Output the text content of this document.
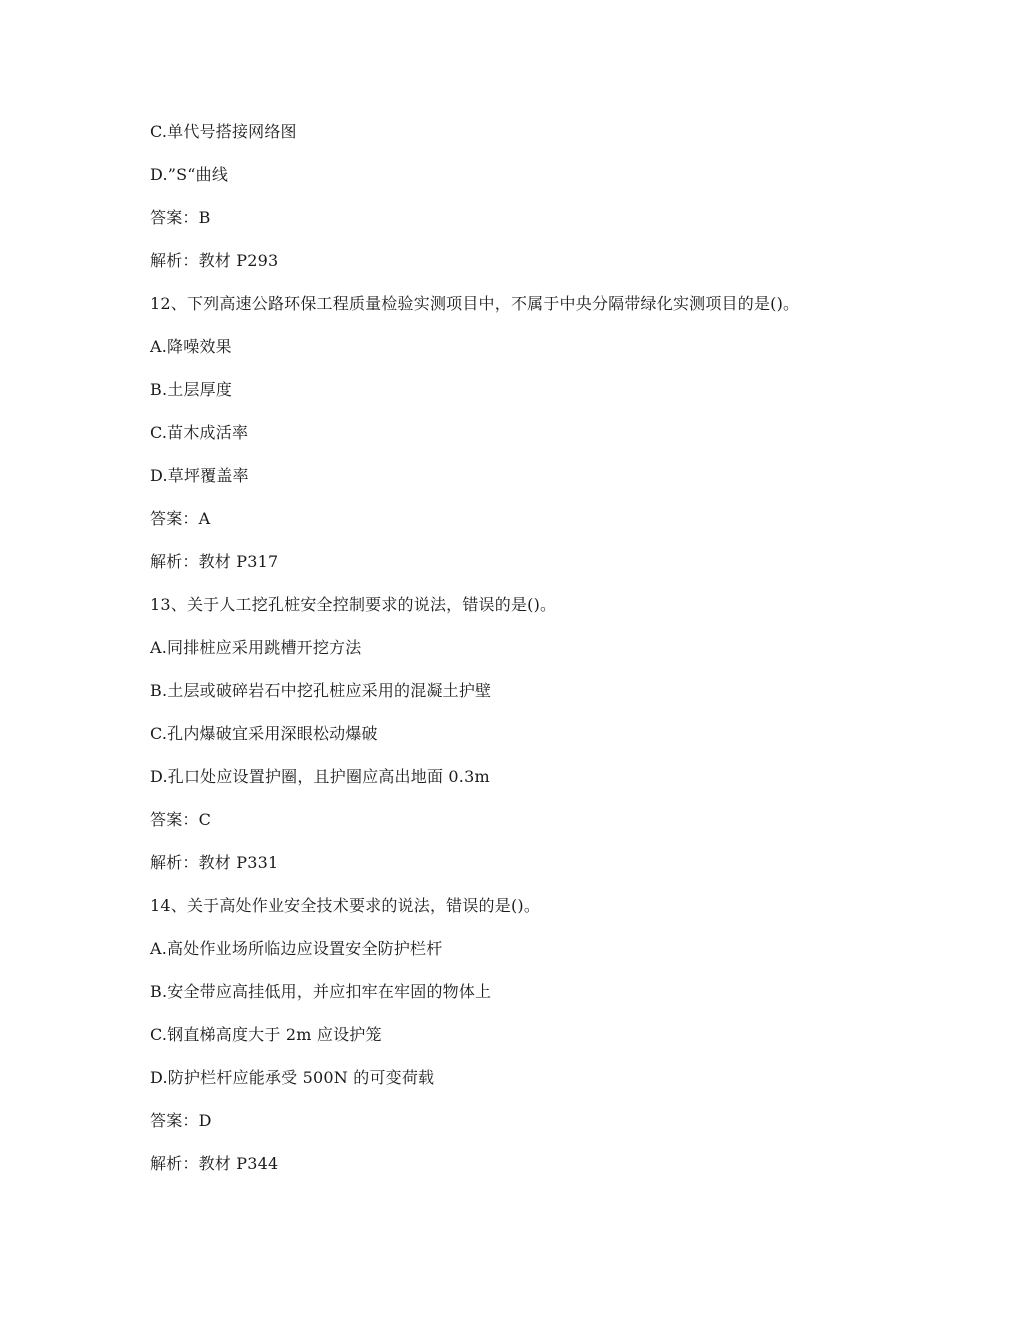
C.单代号搭接网络图
D.”S“曲线
答案：B
解析：教材 P293
12、下列高速公路环保工程质量检验实测项目中，不属于中央分隔带绿化实测项目的是()。
A.降噪效果
B.土层厚度
C.苗木成活率
D.草坪覆盖率
答案：A
解析：教材 P317
13、关于人工挖孔桩安全控制要求的说法，错误的是()。
A.同排桩应采用跳槽开挖方法
B.土层或破碎岩石中挖孔桩应采用的混凝土护壁
C.孔内爆破宜采用深眼松动爆破
D.孔口处应设置护圈，且护圈应高出地面 0.3m
答案：C
解析：教材 P331
14、关于高处作业安全技术要求的说法，错误的是()。
A.高处作业场所临边应设置安全防护栏杆
B.安全带应高挂低用，并应扣牢在牢固的物体上
C.钢直梯高度大于 2m 应设护笼
D.防护栏杆应能承受 500N 的可变荷载
答案：D
解析：教材 P344
